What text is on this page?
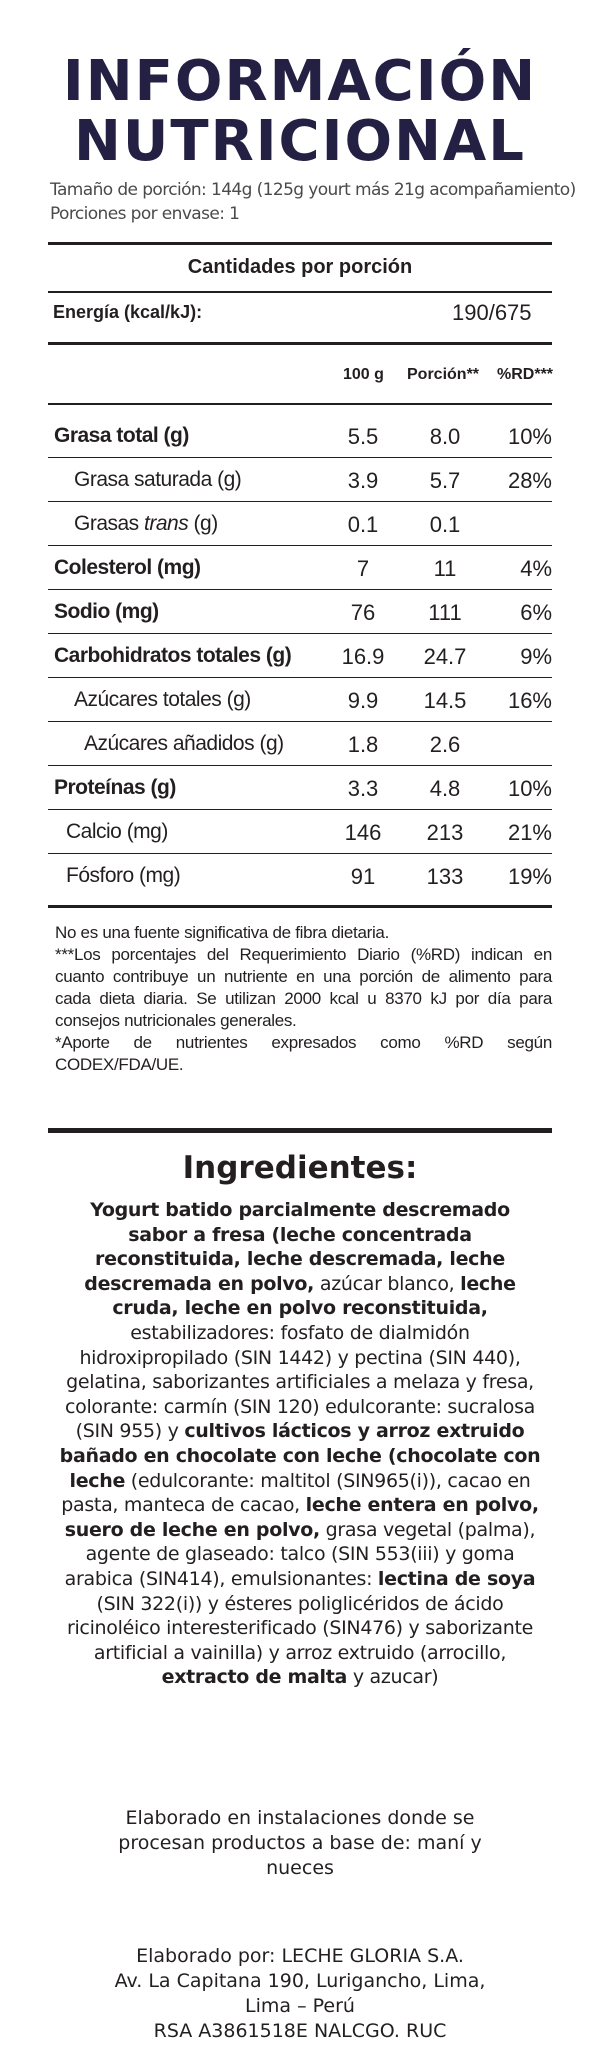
INFORMACIÓN
NUTRICIONAL
Tamaño de porción: 144g (125g yourt más 21g acompañamiento)
Porciones por envase: 1
Cantidades por porción
Energía (kcal/kJ):	190/675
100 g Porción** %RD***
Grasa total (g)	5.5	8.0	10%
Grasa saturada (g)	3.9	5.7	28%
Grasas trans (g)	0.1	0.1
Colesterol (mg)	7	11	4%
Sodio (mg)	76	111	6%
Carbohidratos totales (g)	16.9	24.7	9%
Azúcares totales (g)	9.9	14.5	16%
Azúcares añadidos (g)	1.8	2.6
Proteínas (g)	3.3	4.8	10%
Calcio (mg)	146	213	21%
Fósforo (mg)	91	133	19%

No es una fuente significativa de fibra dietaria.

***Los porcentajes del Requerimiento Diario (%RD) indican en cuanto contribuye un nutriente en una porción de alimento para cada dieta diaria. Se utilizan 2000 kcal u 8370 kJ por día para consejos nutricionales generales.

*Aporte de nutrientes expresados como %RD según CODEX/FDA/UE.

Ingredientes:
Yogurt batido parcialmente descremado sabor a fresa (leche concentrada reconstituida, leche descremada, leche descremada en polvo, azúcar blanco, leche cruda, leche en polvo reconstituida, estabilizadores: fosfato de dialmidón hidroxipropilado (SIN 1442) y pectina (SIN 440), gelatina, saborizantes artificiales a melaza y fresa, colorante: carmín (SIN 120) edulcorante: sucralosa (SIN 955) y cultivos lácticos y arroz extruido bañado en chocolate con leche (chocolate con leche (edulcorante: maltitol (SIN965(i)), cacao en pasta, manteca de cacao, leche entera en polvo, suero de leche en polvo, grasa vegetal (palma), agente de glaseado: talco (SIN 553(iii) y goma arabica (SIN414), emulsionantes: lectina de soya (SIN 322(i)) y ésteres poliglicéridos de ácido ricinoléico interesterificado (SIN476) y saborizante artificial a vainilla) y arroz extruido (arrocillo, extracto de malta y azucar)
Elaborado en instalaciones donde se procesan productos a base de: maní y nueces
Elaborado por: LECHE GLORIA S.A.
Av. La Capitana 190, Lurigancho, Lima,
Lima – Perú
RSA A3861518E NALCGO. RUC
